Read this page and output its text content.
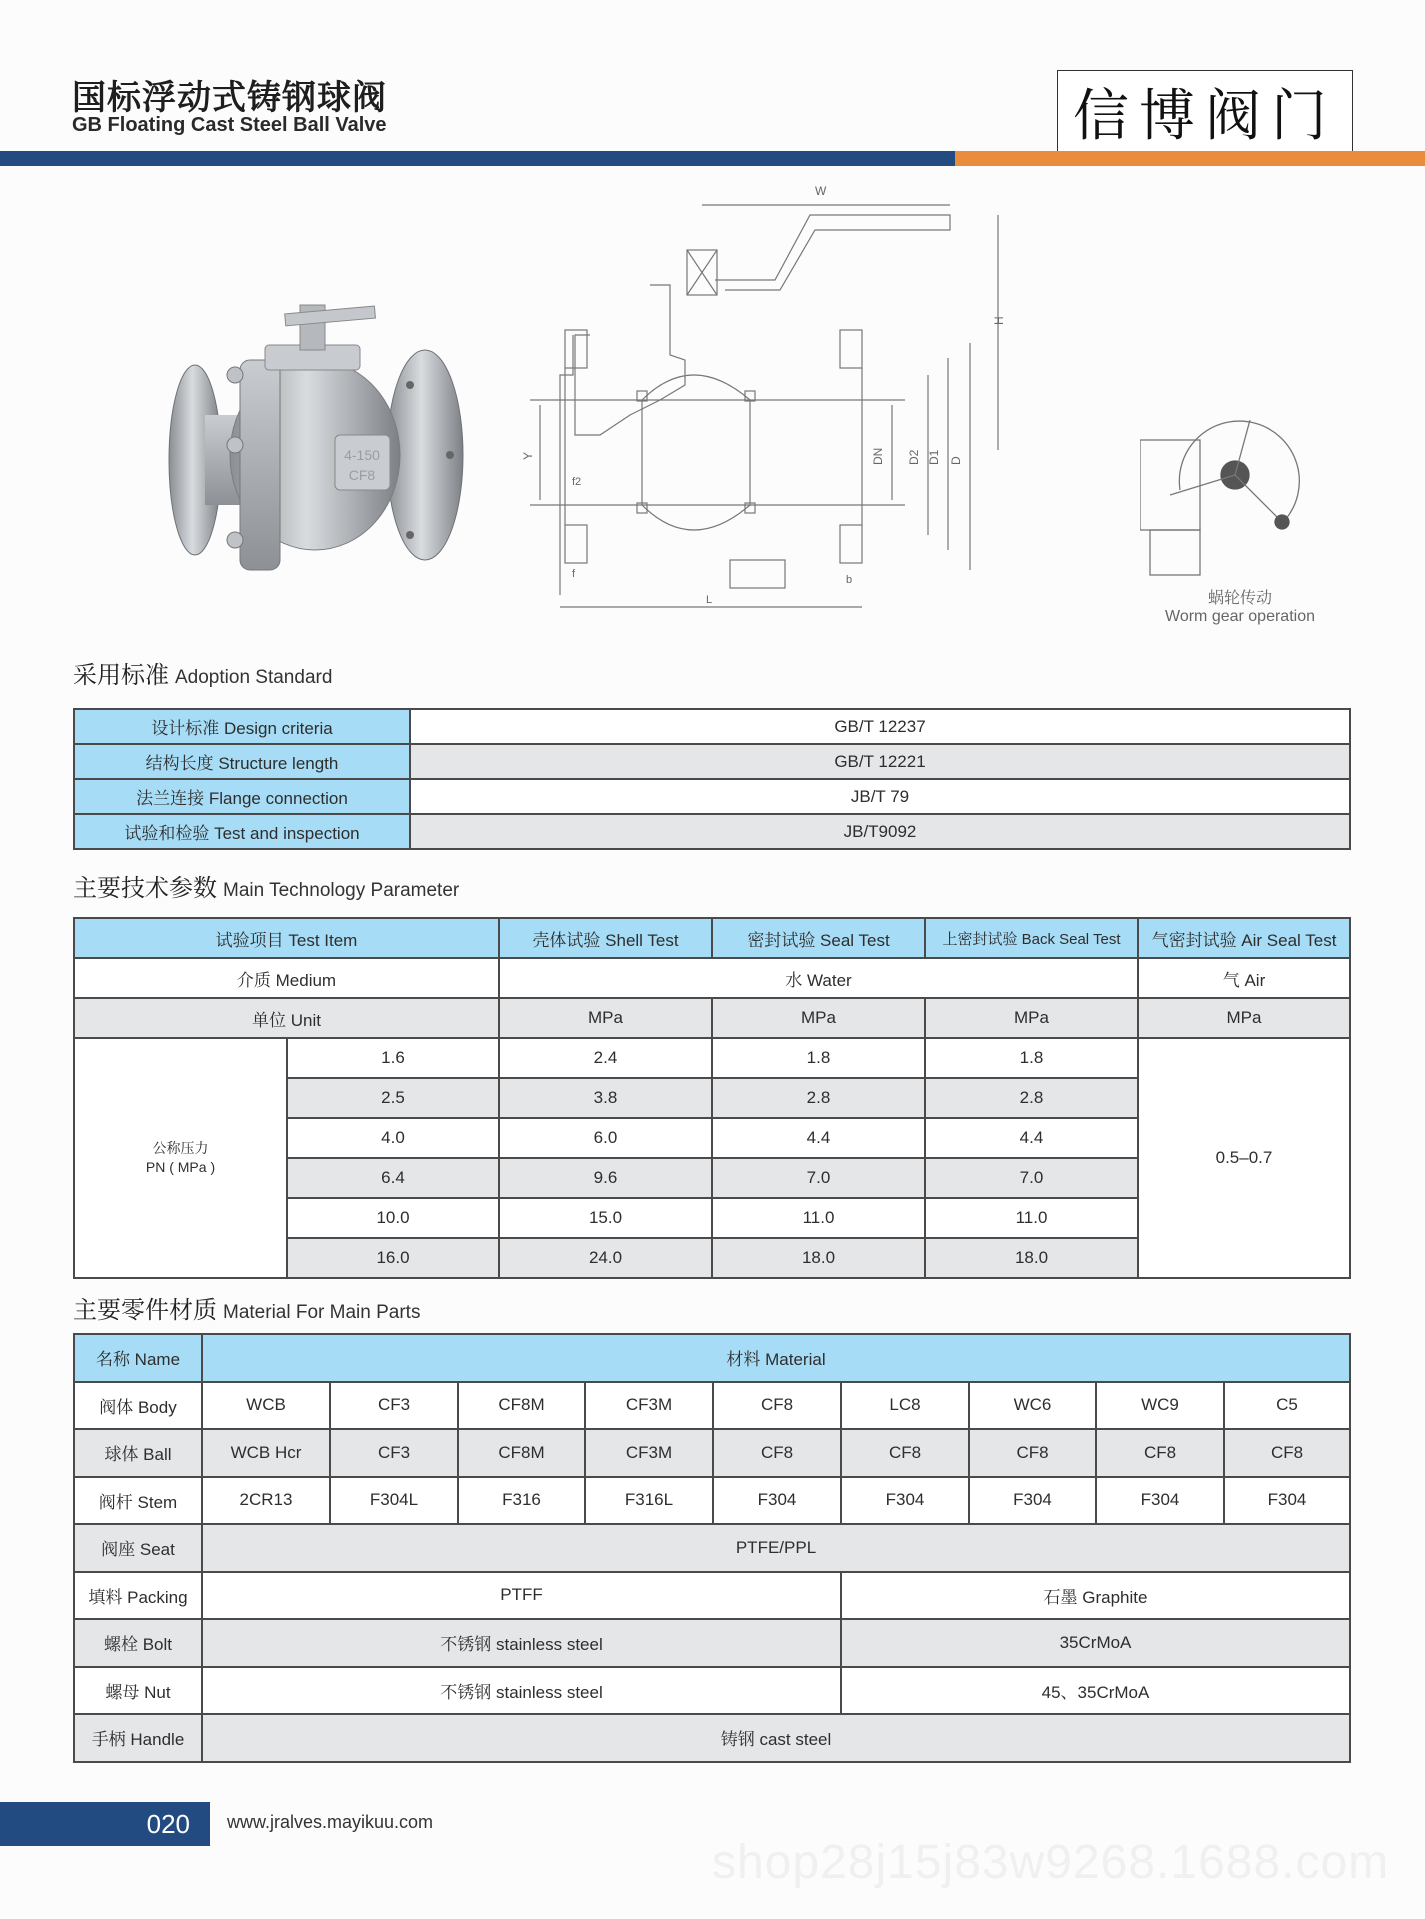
国标浮动式铸钢球阀
GB Floating Cast Steel Ball Valve	信博阀门
4-150
CF8
W
H
D
D1
D2
DN
Y
f2
f	b
L	蜗轮传动
Worm gear operation
采用标准 Adoption Standard
设计标准 Design criteria	GB/T 12237
结构长度 Structure length	GB/T 12221
法兰连接 Flange connection	JB/T 79
试验和检验 Test and inspection	JB/T9092
主要技术参数 Main Technology Parameter
试验项目 Test Item		壳体试验 Shell Test	密封试验 Seal Test	上密封试验 Back Seal Test	气密封试验 Air Seal Test
介质 Medium		水 Water			气 Air
单位 Unit		MPa	MPa	MPa	MPa

公称压力
PN ( MPa )	1.6	2.4	1.8	1.8	0.5–0.7
	2.5	3.8	2.8	2.8	
	4.0	6.0	4.4	4.4	
	6.4	9.6	7.0	7.0	
	10.0	15.0	11.0	11.0	
	16.0	24.0	18.0	18.0	
主要零件材质 Material For Main Parts
名称 Name	材料 Material								
阀体 Body	WCB	CF3	CF8M	CF3M	CF8	LC8	WC6	WC9	C5
球体 Ball	WCB Hcr	CF3	CF8M	CF3M	CF8	CF8	CF8	CF8	CF8
阀杆 Stem	2CR13	F304L	F316	F316L	F304	F304	F304	F304	F304
阀座 Seat	PTFE/PPL								
填料 Packing	PTFF					石墨 Graphite			
螺栓 Bolt	不锈钢 stainless steel					35CrMoA			
螺母 Nut	不锈钢 stainless steel					45、35CrMoA			
手柄 Handle	铸钢 cast steel								
020	www.jralves.mayikuu.com
shop28j15j83w9268.1688.com
